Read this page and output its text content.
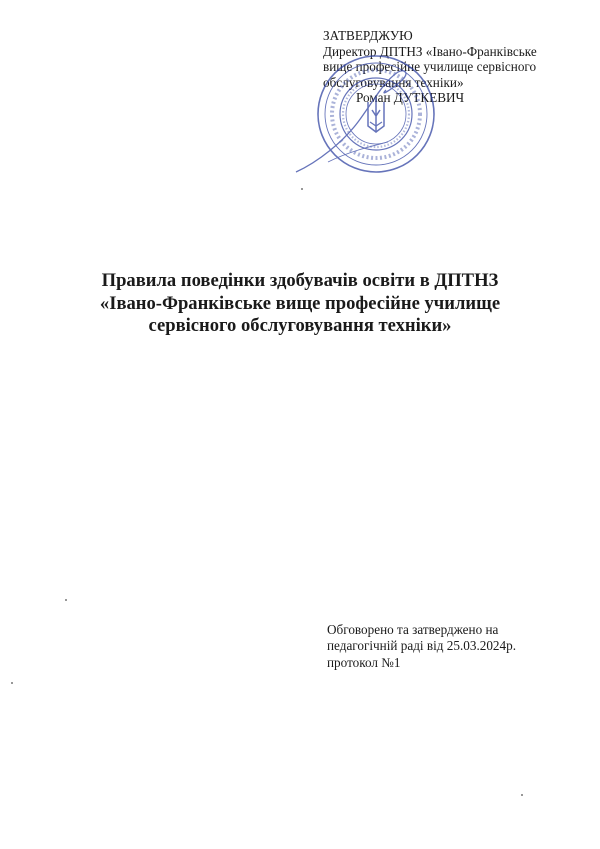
ЗАТВЕРДЖУЮ
Директор ДПТНЗ «Івано-Франківське
вище професійне училище сервісного
обслуговування техніки»
Роман ДУТКЕВИЧ
Правила поведінки здобувачів освіти в ДПТНЗ
«Івано-Франківське вище професійне училище
сервісного обслуговування техніки»
Обговорено та затверджено на
педагогічній раді від 25.03.2024р.
протокол №1
